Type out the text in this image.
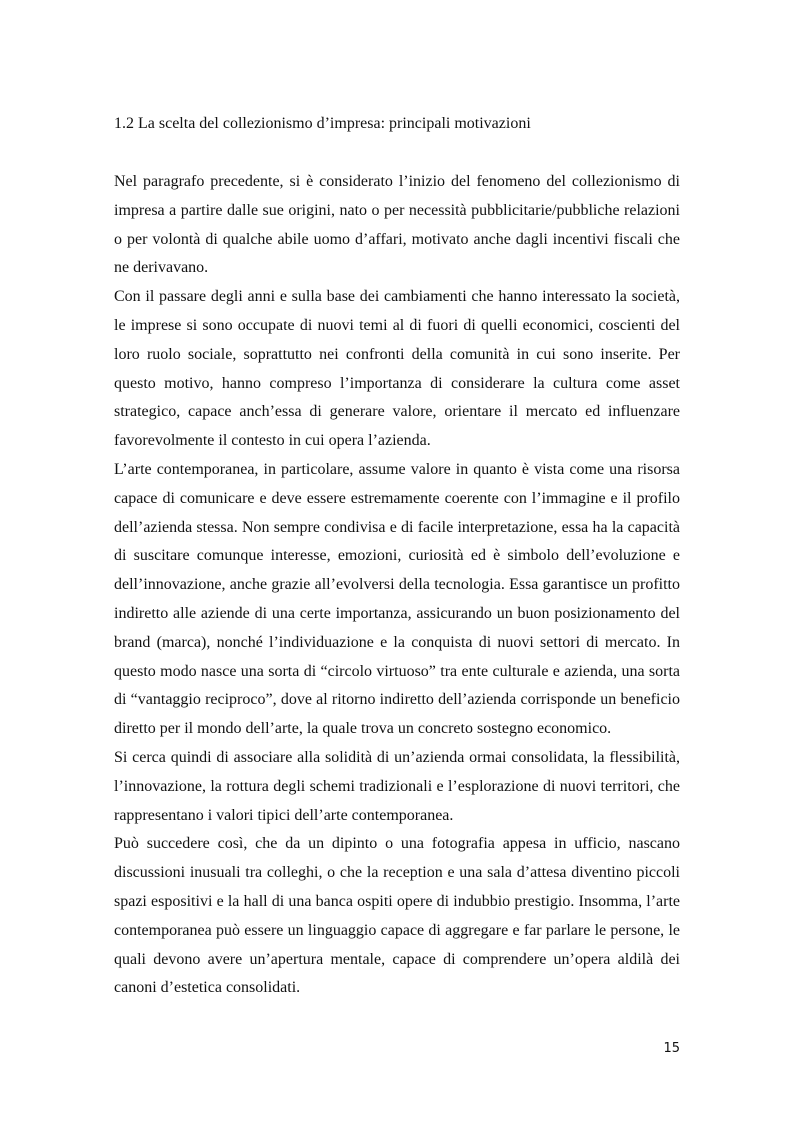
1.2 La scelta del collezionismo d’impresa: principali motivazioni

Nel paragrafo precedente, si è considerato l’inizio del fenomeno del collezionismo di impresa a partire dalle sue origini, nato o per necessità pubblicitarie/pubbliche relazioni o per volontà di qualche abile uomo d’affari, motivato anche dagli incentivi fiscali che ne derivavano.

Con il passare degli anni e sulla base dei cambiamenti che hanno interessato la società, le imprese si sono occupate di nuovi temi al di fuori di quelli economici, coscienti del loro ruolo sociale, soprattutto nei confronti della comunità in cui sono inserite. Per questo motivo, hanno compreso l’importanza di considerare la cultura come asset strategico, capace anch’essa di generare valore, orientare il mercato ed influenzare favorevolmente il contesto in cui opera l’azienda.

L’arte contemporanea, in particolare, assume valore in quanto è vista come una risorsa capace di comunicare e deve essere estremamente coerente con l’immagine e il profilo dell’azienda stessa. Non sempre condivisa e di facile interpretazione, essa ha la capacità di suscitare comunque interesse, emozioni, curiosità ed è simbolo dell’evoluzione e dell’innovazione, anche grazie all’evolversi della tecnologia. Essa garantisce un profitto indiretto alle aziende di una certe importanza, assicurando un buon posizionamento del brand (marca), nonché l’individuazione e la conquista di nuovi settori di mercato. In questo modo nasce una sorta di “circolo virtuoso” tra ente culturale e azienda, una sorta di “vantaggio reciproco”, dove al ritorno indiretto dell’azienda corrisponde un beneficio diretto per il mondo dell’arte, la quale trova un concreto sostegno economico.

Si cerca quindi di associare alla solidità di un’azienda ormai consolidata, la flessibilità, l’innovazione, la rottura degli schemi tradizionali e l’esplorazione di nuovi territori, che rappresentano i valori tipici dell’arte contemporanea.

Può succedere così, che da un dipinto o una fotografia appesa in ufficio, nascano discussioni inusuali tra colleghi, o che la reception e una sala d’attesa diventino piccoli spazi espositivi e la hall di una banca ospiti opere di indubbio prestigio. Insomma, l’arte contemporanea può essere un linguaggio capace di aggregare e far parlare le persone, le quali devono avere un’apertura mentale, capace di comprendere un’opera aldilà dei canoni d’estetica consolidati.

15
